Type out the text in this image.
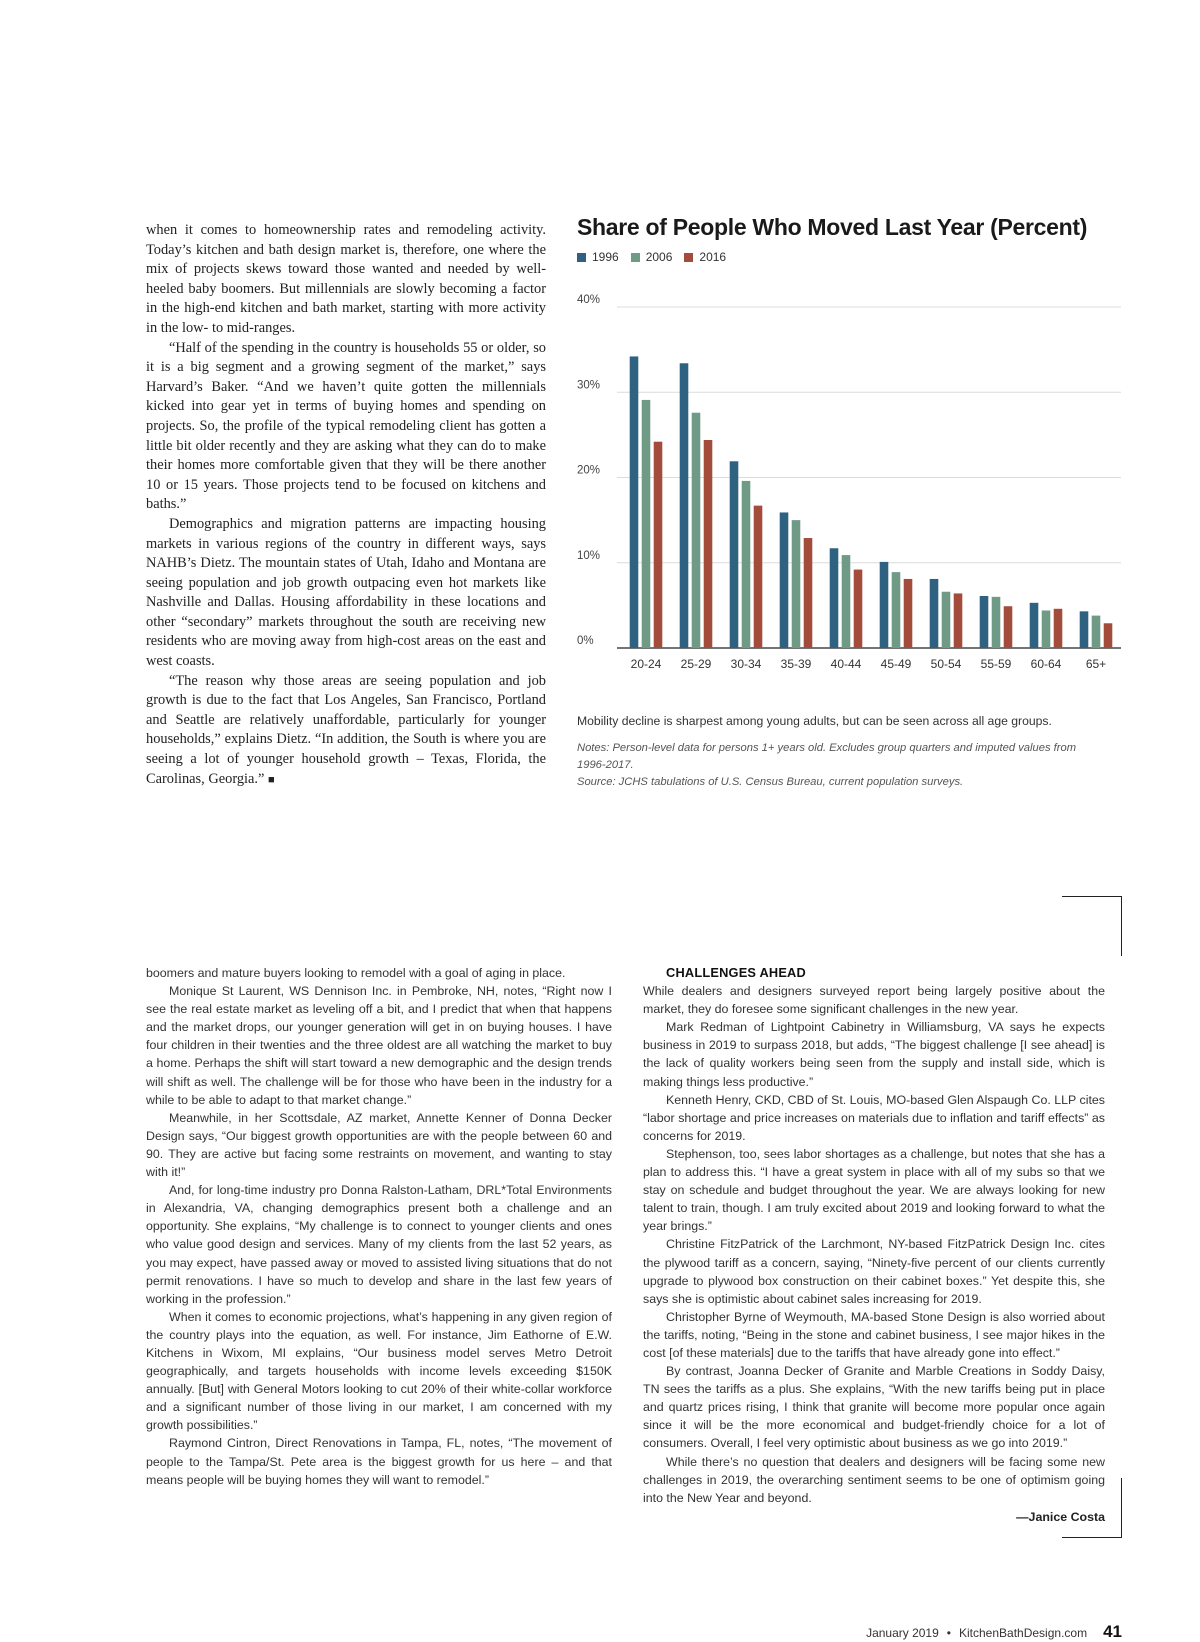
when it comes to homeownership rates and remodeling activity. Today’s kitchen and bath design market is, therefore, one where the mix of projects skews toward those wanted and needed by well-heeled baby boomers. But millennials are slowly becoming a factor in the high-end kitchen and bath market, starting with more activity in the low- to mid-ranges.

“Half of the spending in the country is households 55 or older, so it is a big segment and a growing segment of the market,” says Harvard’s Baker. “And we haven’t quite gotten the millennials kicked into gear yet in terms of buying homes and spending on projects. So, the profile of the typical remodeling client has gotten a little bit older recently and they are asking what they can do to make their homes more comfortable given that they will be there another 10 or 15 years. Those projects tend to be focused on kitchens and baths.”

Demographics and migration patterns are impacting housing markets in various regions of the country in different ways, says NAHB’s Dietz. The mountain states of Utah, Idaho and Montana are seeing population and job growth outpacing even hot markets like Nashville and Dallas. Housing affordability in these locations and other “secondary” markets throughout the south are receiving new residents who are moving away from high-cost areas on the east and west coasts.

“The reason why those areas are seeing population and job growth is due to the fact that Los Angeles, San Francisco, Portland and Seattle are relatively unaffordable, particularly for younger households,” explains Dietz. “In addition, the South is where you are seeing a lot of younger household growth – Texas, Florida, the Carolinas, Georgia.” ■

Share of People Who Moved Last Year (Percent)
1996 2006 2016
0%
10%
20%
30%
40%
20-24 25-29 30-34 35-39 40-44 45-49 50-54 55-59 60-64 65+
Mobility decline is sharpest among young adults, but can be seen across all age groups.
Notes: Person-level data for persons 1+ years old. Excludes group quarters and imputed values from 1996-2017.
Source: JCHS tabulations of U.S. Census Bureau, current population surveys.

boomers and mature buyers looking to remodel with a goal of aging in place.

Monique St Laurent, WS Dennison Inc. in Pembroke, NH, notes, “Right now I see the real estate market as leveling off a bit, and I predict that when that happens and the market drops, our younger generation will get in on buying houses. I have four children in their twenties and the three oldest are all watching the market to buy a home. Perhaps the shift will start toward a new demographic and the design trends will shift as well. The challenge will be for those who have been in the industry for a while to be able to adapt to that market change.”

Meanwhile, in her Scottsdale, AZ market, Annette Kenner of Donna Decker Design says, “Our biggest growth opportunities are with the people between 60 and 90. They are active but facing some restraints on movement, and wanting to stay with it!”

And, for long-time industry pro Donna Ralston-Latham, DRL*Total Environments in Alexandria, VA, changing demographics present both a challenge and an opportunity. She explains, “My challenge is to connect to younger clients and ones who value good design and services. Many of my clients from the last 52 years, as you may expect, have passed away or moved to assisted living situations that do not permit renovations. I have so much to develop and share in the last few years of working in the profession.”

When it comes to economic projections, what’s happening in any given region of the country plays into the equation, as well. For instance, Jim Eathorne of E.W. Kitchens in Wixom, MI explains, “Our business model serves Metro Detroit geographically, and targets households with income levels exceeding $150K annually. [But] with General Motors looking to cut 20% of their white-collar workforce and a significant number of those living in our market, I am concerned with my growth possibilities.”

Raymond Cintron, Direct Renovations in Tampa, FL, notes, “The movement of people to the Tampa/St. Pete area is the biggest growth for us here – and that means people will be buying homes they will want to remodel.”

CHALLENGES AHEAD

While dealers and designers surveyed report being largely positive about the market, they do foresee some significant challenges in the new year.

Mark Redman of Lightpoint Cabinetry in Williamsburg, VA says he expects business in 2019 to surpass 2018, but adds, “The biggest challenge [I see ahead] is the lack of quality workers being seen from the supply and install side, which is making things less productive.”

Kenneth Henry, CKD, CBD of St. Louis, MO-based Glen Alspaugh Co. LLP cites “labor shortage and price increases on materials due to inflation and tariff effects” as concerns for 2019.

Stephenson, too, sees labor shortages as a challenge, but notes that she has a plan to address this. “I have a great system in place with all of my subs so that we stay on schedule and budget throughout the year. We are always looking for new talent to train, though. I am truly excited about 2019 and looking forward to what the year brings.”

Christine FitzPatrick of the Larchmont, NY-based FitzPatrick Design Inc. cites the plywood tariff as a concern, saying, “Ninety-five percent of our clients currently upgrade to plywood box construction on their cabinet boxes.” Yet despite this, she says she is optimistic about cabinet sales increasing for 2019.

Christopher Byrne of Weymouth, MA-based Stone Design is also worried about the tariffs, noting, “Being in the stone and cabinet business, I see major hikes in the cost [of these materials] due to the tariffs that have already gone into effect.”

By contrast, Joanna Decker of Granite and Marble Creations in Soddy Daisy, TN sees the tariffs as a plus. She explains, “With the new tariffs being put in place and quartz prices rising, I think that granite will become more popular once again since it will be the more economical and budget-friendly choice for a lot of consumers. Overall, I feel very optimistic about business as we go into 2019.”

While there’s no question that dealers and designers will be facing some new challenges in 2019, the overarching sentiment seems to be one of optimism going into the New Year and beyond.

—Janice Costa
January 2019 • KitchenBathDesign.com 41
